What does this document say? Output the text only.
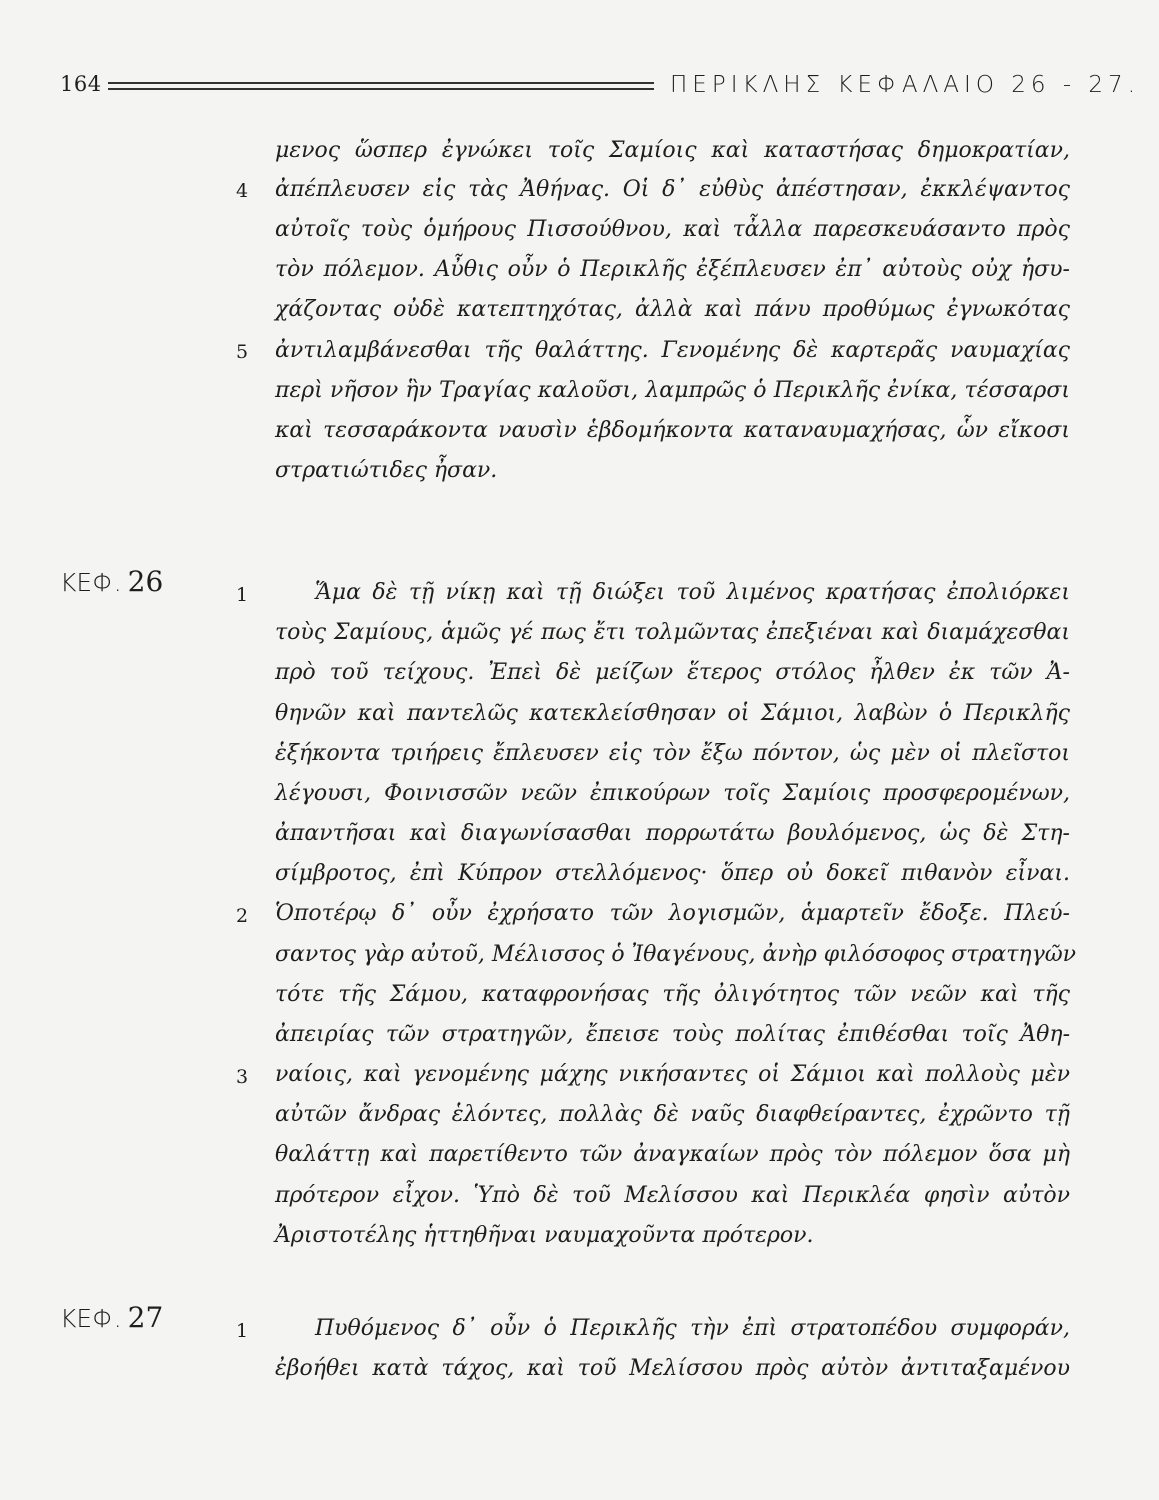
164	ΠΕΡΙΚΛΗΣ ΚΕΦΑΛΑΙΟ 26 - 27.
μενος ὥσπερ ἐγνώκει τοῖς Σαμίοις καὶ καταστήσας δημοκρατίαν,
ἀπέπλευσεν εἰς τὰς Ἀθήνας. Οἱ δ᾽ εὐθὺς ἀπέστησαν, ἐκκλέψαντος
αὐτοῖς τοὺς ὁμήρους Πισσούθνου, καὶ τἆλλα παρεσκευάσαντο πρὸς
τὸν πόλεμον. Αὖθις οὖν ὁ Περικλῆς ἐξέπλευσεν ἐπ᾽ αὐτοὺς οὐχ ἡσυ-
χάζοντας οὐδὲ κατεπτηχότας, ἀλλὰ καὶ πάνυ προθύμως ἐγνωκότας
ἀντιλαμβάνεσθαι τῆς θαλάττης. Γενομένης δὲ καρτερᾶς ναυμαχίας
περὶ νῆσον ἣν Τραγίας καλοῦσι, λαμπρῶς ὁ Περικλῆς ἐνίκα, τέσσαρσι
καὶ τεσσαράκοντα ναυσὶν ἑβδομήκοντα καταναυμαχήσας, ὧν εἴκοσι
στρατιώτιδες ἦσαν.
4
5
ΚΕΦ. 26	Ἅμα δὲ τῇ νίκῃ καὶ τῇ διώξει τοῦ λιμένος κρατήσας ἐπολιόρκει
τοὺς Σαμίους, ἁμῶς γέ πως ἔτι τολμῶντας ἐπεξιέναι καὶ διαμάχεσθαι
πρὸ τοῦ τείχους. Ἐπεὶ δὲ μείζων ἕτερος στόλος ἦλθεν ἐκ τῶν Ἀ-
θηνῶν καὶ παντελῶς κατεκλείσθησαν οἱ Σάμιοι, λαβὼν ὁ Περικλῆς
ἑξήκοντα τριήρεις ἔπλευσεν εἰς τὸν ἔξω πόντον, ὡς μὲν οἱ πλεῖστοι
λέγουσι, Φοινισσῶν νεῶν ἐπικούρων τοῖς Σαμίοις προσφερομένων,
ἀπαντῆσαι καὶ διαγωνίσασθαι πορρωτάτω βουλόμενος, ὡς δὲ Στη-
σίμβροτος, ἐπὶ Κύπρον στελλόμενος· ὅπερ οὐ δοκεῖ πιθανὸν εἶναι.
Ὁποτέρῳ δ᾽ οὖν ἐχρήσατο τῶν λογισμῶν, ἁμαρτεῖν ἔδοξε. Πλεύ-
σαντος γὰρ αὐτοῦ, Μέλισσος ὁ Ἰθαγένους, ἀνὴρ φιλόσοφος στρατηγῶν
τότε τῆς Σάμου, καταφρονήσας τῆς ὀλιγότητος τῶν νεῶν καὶ τῆς
ἀπειρίας τῶν στρατηγῶν, ἔπεισε τοὺς πολίτας ἐπιθέσθαι τοῖς Ἀθη-
ναίοις, καὶ γενομένης μάχης νικήσαντες οἱ Σάμιοι καὶ πολλοὺς μὲν
αὐτῶν ἄνδρας ἑλόντες, πολλὰς δὲ ναῦς διαφθείραντες, ἐχρῶντο τῇ
θαλάττῃ καὶ παρετίθεντο τῶν ἀναγκαίων πρὸς τὸν πόλεμον ὅσα μὴ
πρότερον εἶχον. Ὑπὸ δὲ τοῦ Μελίσσου καὶ Περικλέα φησὶν αὐτὸν
Ἀριστοτέλης ἡττηθῆναι ναυμαχοῦντα πρότερον.
1
2
3
ΚΕΦ. 27	Πυθόμενος δ᾽ οὖν ὁ Περικλῆς τὴν ἐπὶ στρατοπέδου συμφοράν,
ἐβοήθει κατὰ τάχος, καὶ τοῦ Μελίσσου πρὸς αὐτὸν ἀντιταξαμένου
1
